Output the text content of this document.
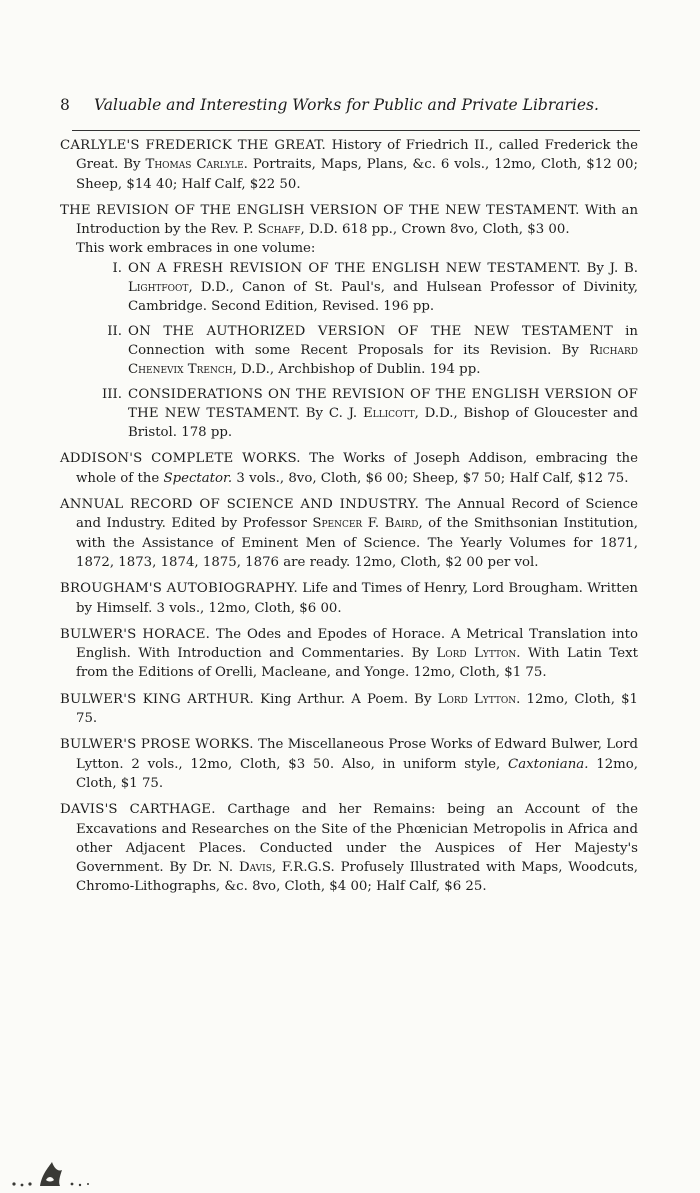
8 Valuable and Interesting Works for Public and Private Libraries.

CARLYLE'S FREDERICK THE GREAT. History of Friedrich II., called Frederick the Great. By Thomas Carlyle. Portraits, Maps, Plans, &c. 6 vols., 12mo, Cloth, $12 00; Sheep, $14 40; Half Calf, $22 50.

THE REVISION OF THE ENGLISH VERSION OF THE NEW TESTAMENT. With an Introduction by the Rev. P. Schaff, D.D. 618 pp., Crown 8vo, Cloth, $3 00.

This work embraces in one volume:

I. ON A FRESH REVISION OF THE ENGLISH NEW TESTAMENT. By J. B. Lightfoot, D.D., Canon of St. Paul's, and Hulsean Professor of Divinity, Cambridge. Second Edition, Revised. 196 pp.

II. ON THE AUTHORIZED VERSION OF THE NEW TESTAMENT in Connection with some Recent Proposals for its Revision. By Richard Chenevix Trench, D.D., Archbishop of Dublin. 194 pp.

III. CONSIDERATIONS ON THE REVISION OF THE ENGLISH VERSION OF THE NEW TESTAMENT. By C. J. Ellicott, D.D., Bishop of Gloucester and Bristol. 178 pp.

ADDISON'S COMPLETE WORKS. The Works of Joseph Addison, embracing the whole of the Spectator. 3 vols., 8vo, Cloth, $6 00; Sheep, $7 50; Half Calf, $12 75.

ANNUAL RECORD OF SCIENCE AND INDUSTRY. The Annual Record of Science and Industry. Edited by Professor Spencer F. Baird, of the Smithsonian Institution, with the Assistance of Eminent Men of Science. The Yearly Volumes for 1871, 1872, 1873, 1874, 1875, 1876 are ready. 12mo, Cloth, $2 00 per vol.

BROUGHAM'S AUTOBIOGRAPHY. Life and Times of Henry, Lord Brougham. Written by Himself. 3 vols., 12mo, Cloth, $6 00.

BULWER'S HORACE. The Odes and Epodes of Horace. A Metrical Translation into English. With Introduction and Commentaries. By Lord Lytton. With Latin Text from the Editions of Orelli, Macleane, and Yonge. 12mo, Cloth, $1 75.

BULWER'S KING ARTHUR. King Arthur. A Poem. By Lord Lytton. 12mo, Cloth, $1 75.

BULWER'S PROSE WORKS. The Miscellaneous Prose Works of Edward Bulwer, Lord Lytton. 2 vols., 12mo, Cloth, $3 50. Also, in uniform style, Caxtoniana. 12mo, Cloth, $1 75.

DAVIS'S CARTHAGE. Carthage and her Remains: being an Account of the Excavations and Researches on the Site of the Phœnician Metropolis in Africa and other Adjacent Places. Conducted under the Auspices of Her Majesty's Government. By Dr. N. Davis, F.R.G.S. Profusely Illustrated with Maps, Woodcuts, Chromo-Lithographs, &c. 8vo, Cloth, $4 00; Half Calf, $6 25.
